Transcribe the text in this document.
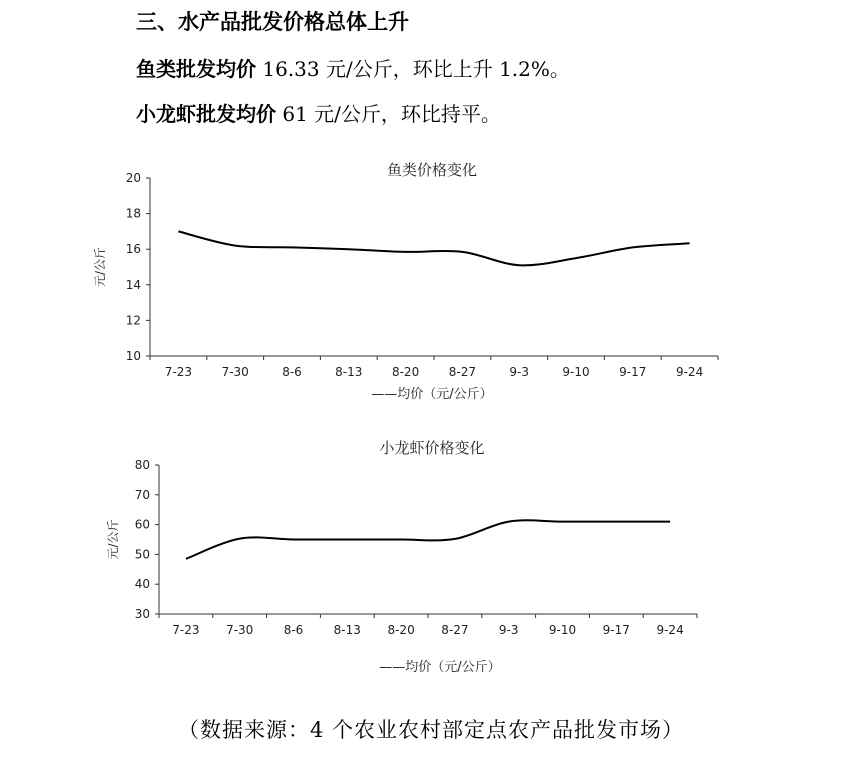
三、水产品批发价格总体上升
鱼类批发均价 16.33 元/公斤，环比上升 1.2%。
小龙虾批发均价 61 元/公斤，环比持平。
鱼类价格变化
10
12
14
16
18
20
7-23 7-30	8-6	8-13 8-20 8-27	9-3	9-10 9-17 9-24
元/公斤
——均价（元/公斤）
小龙虾价格变化
30
40
50
60
70
80
7-23 7-30	8-6	8-13 8-20 8-27	9-3	9-10 9-17 9-24
元/公斤
——均价（元/公斤）
（数据来源：4 个农业农村部定点农产品批发市场）
